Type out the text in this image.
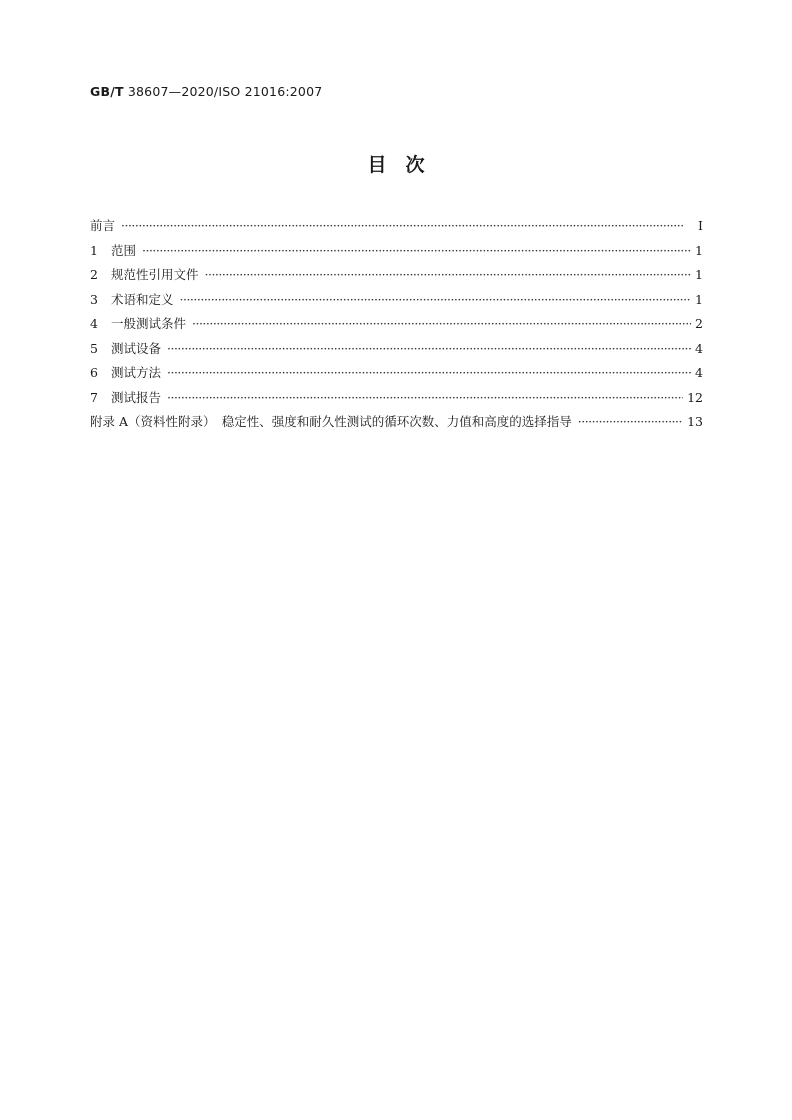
GB/T 38607—2020/ISO 21016:2007
目　次
前言 ·····	Ⅰ
1	范围 ·····	1
2	规范性引用文件 ·····	1
3	术语和定义 ·····	1
4	一般测试条件 ·····	2
5	测试设备 ·····	4
6	测试方法 ·····	4
7	测试报告 ·····	12
附录 A（资料性附录）　稳定性、强度和耐久性测试的循环次数、力值和高度的选择指导 ·····	13
